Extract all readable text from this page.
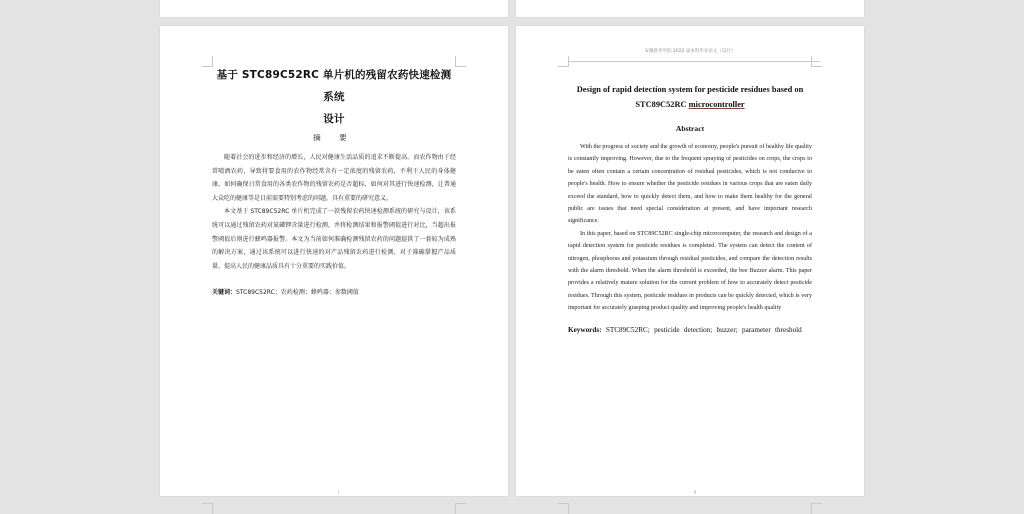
基于 STC89C52RC 单片机的残留农药快速检测系统
设计
摘 要

随着社会的进步和经济的增长，人民对健康生活品质的追求不断提高。而农作物由于经常喷洒农药，导致将要食用的农作物经常含有一定浓度的残留农药，不利于人民的身体健康。如何确保日常食用的各类农作物的残留农药是否超标，如何对其进行快速检测，让普通大众吃的健康等是目前需要特别考虑的问题，具有重要的研究意义。

本文基于 STC89C52RC 单片机完成了一款残留农药快速检测系统的研究与设计，该系统可以通过残留农药对氮磷钾含量进行检测，并将检测结果和报警阈值进行对比，当超出报警阈值后则进行蜂鸣器报警。本文为当前如何准确检测残留农药的问题提供了一套较为成熟的解决方案，通过该系统可以进行快速的对产品残留农药进行检测，对于准确掌握产品质量，提高人民的健康品质具有十分重要的实践价值。

关键词：STC89C52RC；农药检测；蜂鸣器；参数阈值
I
安徽新华学院 2022 届本科毕业论文（设计）
Design of rapid detection system for pesticide residues based on
STC89C52RC microcontroller
Abstract

With the progress of society and the growth of economy, people's pursuit of healthy life quality is constantly improving. However, due to the frequent spraying of pesticides on crops, the crops to be eaten often contain a certain concentration of residual pesticides, which is not conducive to people's health. How to ensure whether the pesticide residues in various crops that are eaten daily exceed the standard, how to quickly detect them, and how to make them healthy for the general public are issues that need special consideration at present, and have important research significance.

In this paper, based on STC89C52RC single-chip microcomputer, the research and design of a rapid detection system for pesticide residues is completed. The system can detect the content of nitrogen, phosphorus and potassium through residual pesticides, and compare the detection results with the alarm threshold. When the alarm threshold is exceeded, the bee Buzzer alarm. This paper provides a relatively mature solution for the current problem of how to accurately detect pesticide residues. Through this system, pesticide residues in products can be quickly detected, which is very important for accurately grasping product quality and improving people's health quality

Keywords: STC89C52RC; pesticide detection; buzzer; parameter threshold
II
